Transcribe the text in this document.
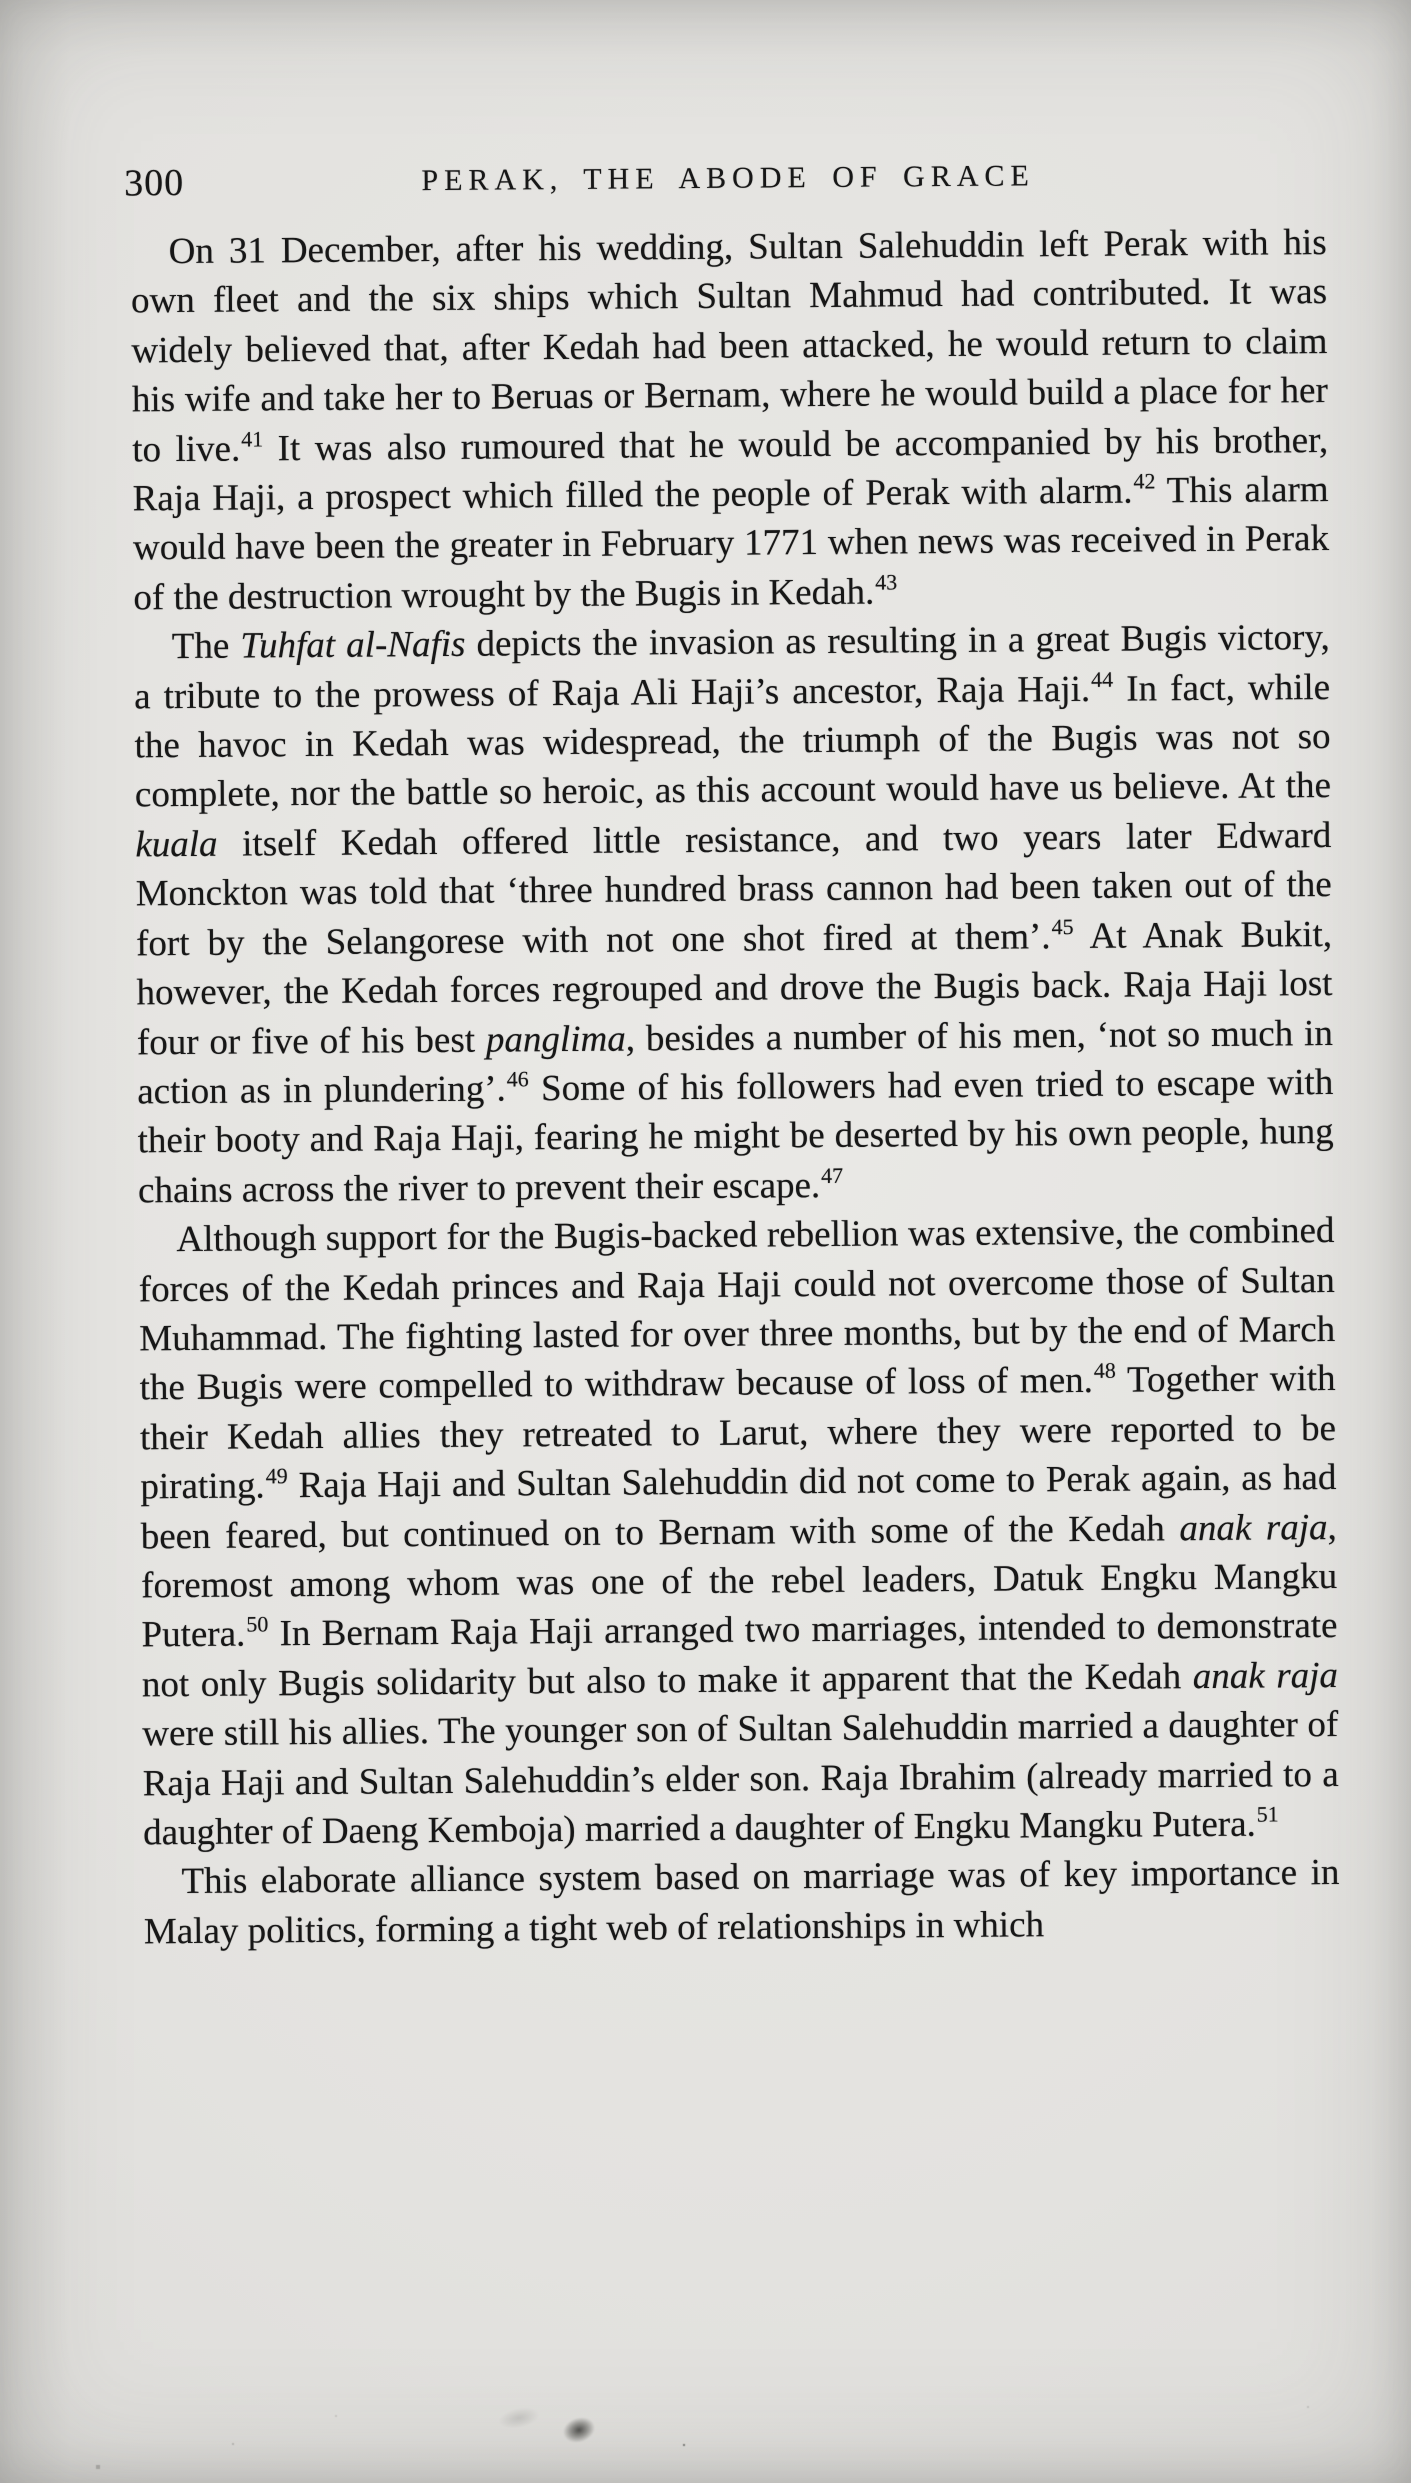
300	PERAK, THE ABODE OF GRACE

On 31 December, after his wedding, Sultan Salehuddin left Perak with his own fleet and the six ships which Sultan Mahmud had contributed. It was widely believed that, after Kedah had been attacked, he would return to claim his wife and take her to Beruas or Bernam, where he would build a place for her to live.$^{41}$ It was also rumoured that he would be accompanied by his brother, Raja Haji, a prospect which filled the people of Perak with alarm.$^{42}$ This alarm would have been the greater in February 1771 when news was received in Perak of the destruction wrought by the Bugis in Kedah.$^{43}$

The Tuhfat al-Nafis depicts the invasion as resulting in a great Bugis victory, a tribute to the prowess of Raja Ali Haji’s ancestor, Raja Haji.$^{44}$ In fact, while the havoc in Kedah was widespread, the triumph of the Bugis was not so complete, nor the battle so heroic, as this account would have us believe. At the kuala itself Kedah offered little resistance, and two years later Edward Monckton was told that ‘three hundred brass cannon had been taken out of the fort by the Selangorese with not one shot fired at them’.$^{45}$ At Anak Bukit, however, the Kedah forces regrouped and drove the Bugis back. Raja Haji lost four or five of his best panglima, besides a number of his men, ‘not so much in action as in plundering’.$^{46}$ Some of his followers had even tried to escape with their booty and Raja Haji, fearing he might be deserted by his own people, hung chains across the river to prevent their escape.$^{47}$

Although support for the Bugis-backed rebellion was extensive, the combined forces of the Kedah princes and Raja Haji could not overcome those of Sultan Muhammad. The fighting lasted for over three months, but by the end of March the Bugis were compelled to withdraw because of loss of men.$^{48}$ Together with their Kedah allies they retreated to Larut, where they were reported to be pirating.$^{49}$ Raja Haji and Sultan Salehuddin did not come to Perak again, as had been feared, but continued on to Bernam with some of the Kedah anak raja, foremost among whom was one of the rebel leaders, Datuk Engku Mangku Putera.$^{50}$ In Bernam Raja Haji arranged two marriages, intended to demonstrate not only Bugis solidarity but also to make it apparent that the Kedah anak raja were still his allies. The younger son of Sultan Salehuddin married a daughter of Raja Haji and Sultan Salehuddin’s elder son. Raja Ibrahim (already married to a daughter of Daeng Kemboja) married a daughter of Engku Mangku Putera.$^{51}$

This elaborate alliance system based on marriage was of key importance in Malay politics, forming a tight web of relationships in which
